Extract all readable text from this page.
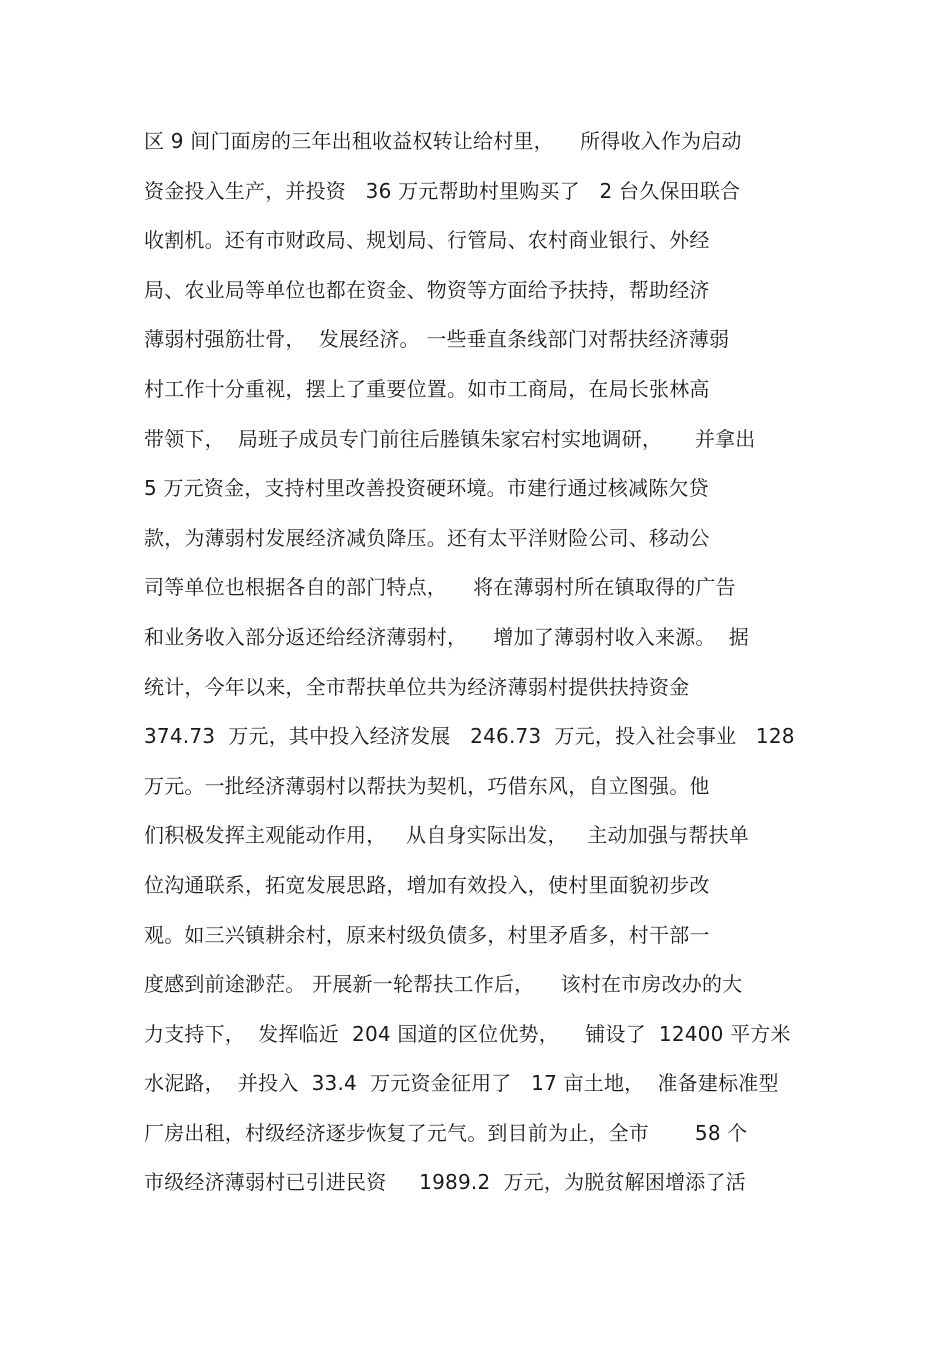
区 9 间门面房的三年出租收益权转让给村里，    所得收入作为启动
资金投入生产，并投资   36 万元帮助村里购买了   2 台久保田联合
收割机。还有市财政局、规划局、行管局、农村商业银行、外经
局、农业局等单位也都在资金、物资等方面给予扶持，帮助经济
薄弱村强筋壮骨，  发展经济。 一些垂直条线部门对帮扶经济薄弱
村工作十分重视，摆上了重要位置。如市工商局，在局长张林高
带领下，  局班子成员专门前往后塍镇朱家宕村实地调研，     并拿出
5 万元资金，支持村里改善投资硬环境。市建行通过核减陈欠贷
款，为薄弱村发展经济减负降压。还有太平洋财险公司、移动公
司等单位也根据各自的部门特点，    将在薄弱村所在镇取得的广告
和业务收入部分返还给经济薄弱村，    增加了薄弱村收入来源。  据
统计，今年以来，全市帮扶单位共为经济薄弱村提供扶持资金
374.73  万元，其中投入经济发展   246.73  万元，投入社会事业   128
万元。一批经济薄弱村以帮扶为契机，巧借东风，自立图强。他
们积极发挥主观能动作用，   从自身实际出发，   主动加强与帮扶单
位沟通联系，拓宽发展思路，增加有效投入，使村里面貌初步改
观。如三兴镇耕余村，原来村级负债多，村里矛盾多，村干部一
度感到前途渺茫。 开展新一轮帮扶工作后，    该村在市房改办的大
力支持下，  发挥临近  204 国道的区位优势，    铺设了  12400 平方米
水泥路，  并投入  33.4  万元资金征用了   17 亩土地，  准备建标准型
厂房出租，村级经济逐步恢复了元气。到目前为止，全市       58 个
市级经济薄弱村已引进民资     1989.2  万元，为脱贫解困增添了活
